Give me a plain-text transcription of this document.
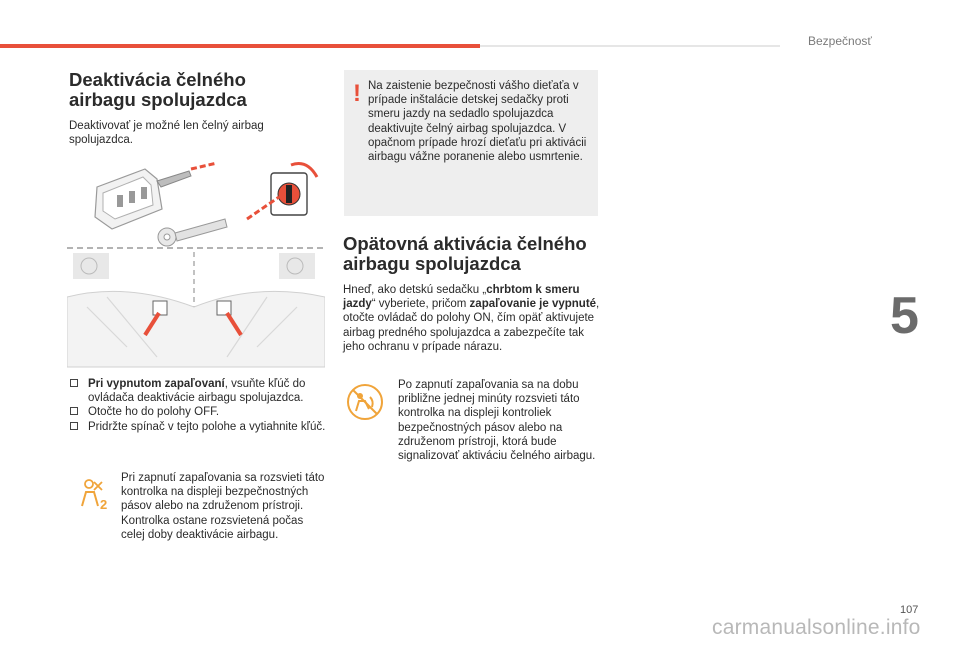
Bezpečnosť
5
107
carmanualsonline.info
Deaktivácia čelného
airbagu spolujazdca

Deaktivovať je možné len čelný airbag spolujazdca.

Pri vypnutom zapaľovaní, vsuňte kľúč do ovládača deaktivácie airbagu spolujazdca.
Otočte ho do polohy OFF.
Pridržte spínač v tejto polohe a vytiahnite kľúč.
2

Pri zapnutí zapaľovania sa rozsvieti táto kontrolka na displeji bezpečnostných pásov alebo na združenom prístroji. Kontrolka ostane rozsvietená počas celej doby deaktivácie airbagu.

! Na zaistenie bezpečnosti vášho dieťaťa v prípade inštalácie detskej sedačky proti smeru jazdy na sedadlo spolujazdca deaktivujte čelný airbag spolujazdca. V opačnom prípade hrozí dieťaťu pri aktivácii airbagu vážne poranenie alebo usmrtenie.

Opätovná aktivácia čelného
airbagu spolujazdca

Hneď, ako detskú sedačku „chrbtom k smeru jazdy“ vyberiete, pričom zapaľovanie je vypnuté, otočte ovládač do polohy ON, čím opäť aktivujete airbag predného spolujazdca a zabezpečíte tak jeho ochranu v prípade nárazu.

Po zapnutí zapaľovania sa na dobu približne jednej minúty rozsvieti táto kontrolka na displeji kontroliek bezpečnostných pásov alebo na združenom prístroji, ktorá bude signalizovať aktiváciu čelného airbagu.
